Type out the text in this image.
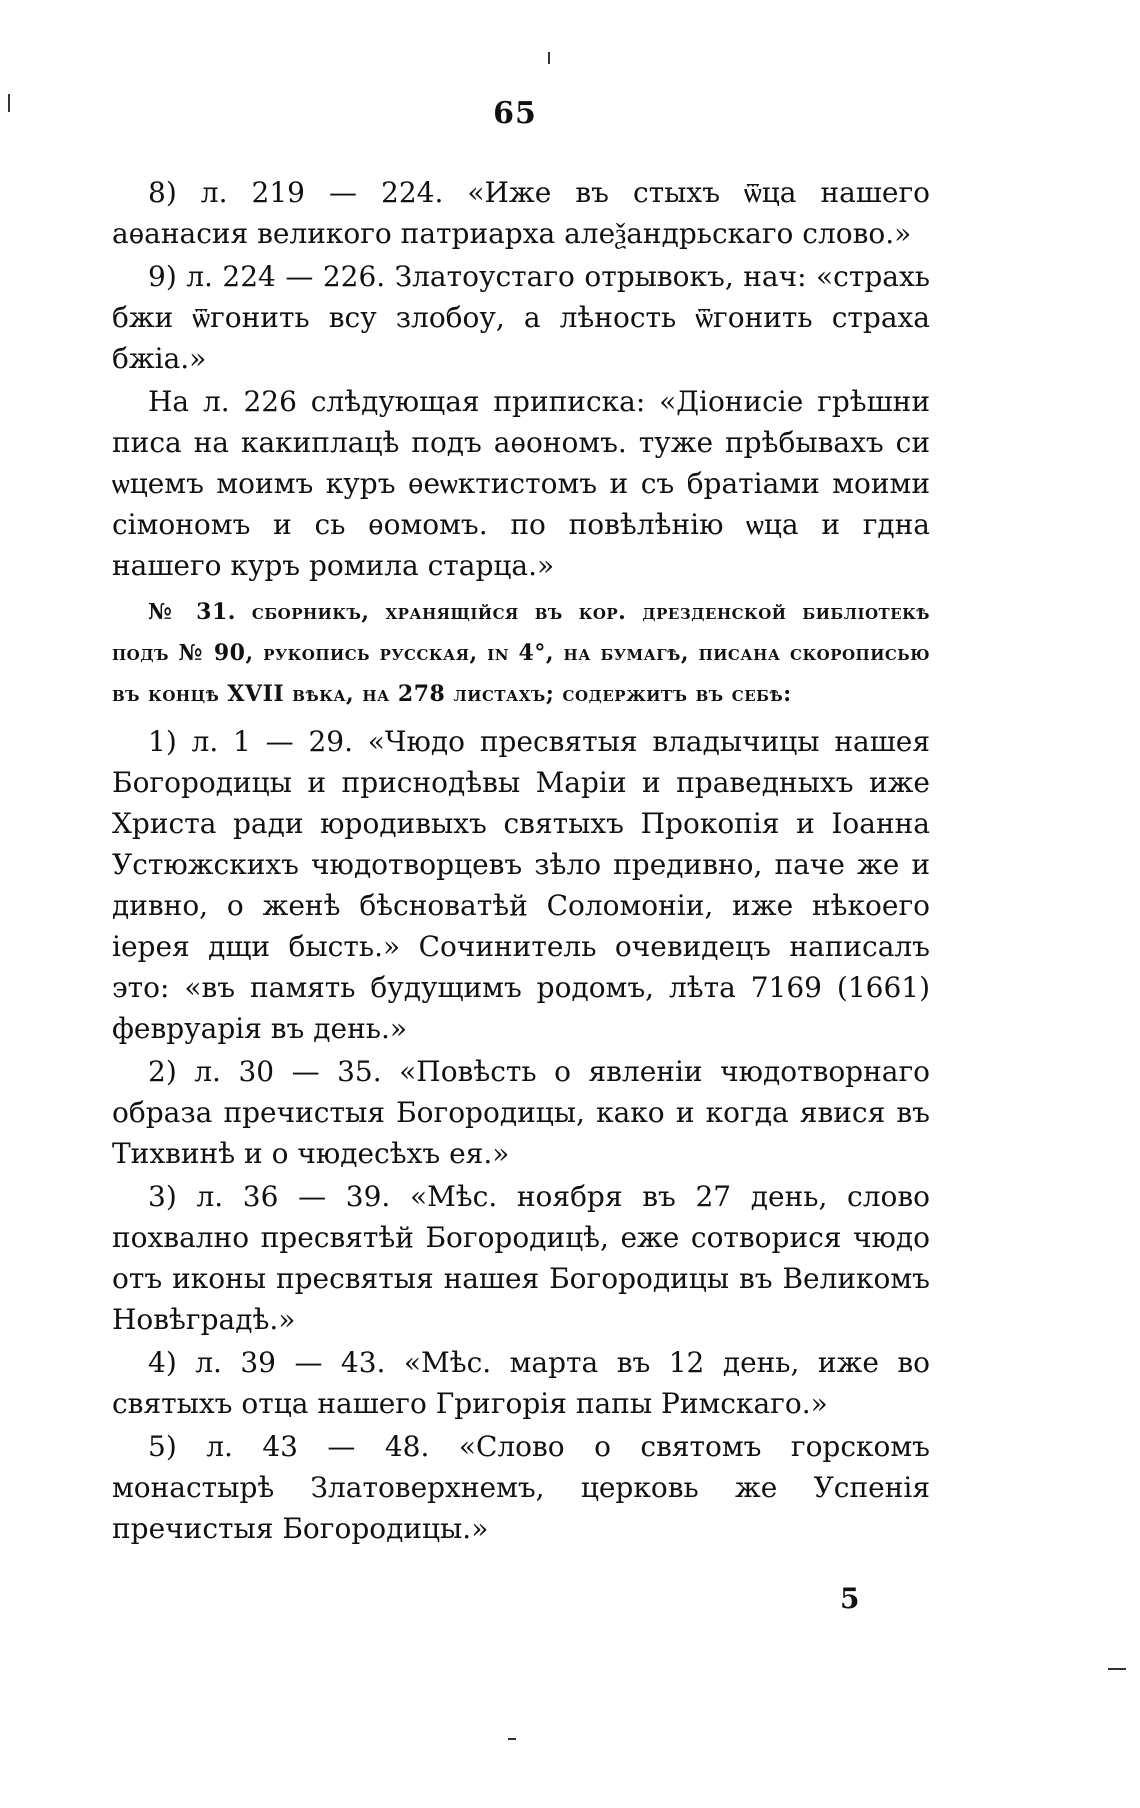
65

8) л. 219 — 224. «Иже въ стыхъ ѿца нашего аѳанасия великого патриарха алеѯандрьскаго слово.»

9) л. 224 — 226. Златоустаго отрывокъ, нач: «страхь бжи ѿгонить всу злобоу, а лѣность ѿгонить страха бжіа.»

На л. 226 слѣдующая приписка: «Діонисіе грѣшни писа на какиплацѣ подъ аѳономъ. тужe прѣбывахъ си ѡцемъ моимъ куръ ѳеѡктистомъ и съ братіами моими сімономъ и сь ѳомомъ. по повѣлѣнію ѡца и гдна нашего куръ ромила старца.»

№ 31. сборникъ, хранящійся въ кор. дрезденской библіотекѣ подъ № 90, рукопись русская, in 4°, на бумагѣ, писана скорописью въ концѣ XVII вѣка, на 278 листахъ; содержитъ въ себѣ:

1) л. 1 — 29. «Чюдо пресвятыя владычицы нашея Богородицы и приснодѣвы Маріи и праведныхъ иже Христа ради юродивыхъ святыхъ Прокопія и Іоанна Устюжскихъ чюдотворцевъ зѣло предивно, паче же и дивно, о женѣ бѣсноватѣй Соломоніи, иже нѣкоего іерея дщи бысть.» Сочинитель очевидецъ написалъ это: «въ память будущимъ родомъ, лѣта 7169 (1661) февруарія въ день.»

2) л. 30 — 35. «Повѣсть о явленіи чюдотворнаго образа пречистыя Богородицы, како и когда явися въ Тихвинѣ и о чюдесѣхъ ея.»

3) л. 36 — 39. «Мѣс. ноября въ 27 день, слово похвално пресвятѣй Богородицѣ, еже сотворися чюдо отъ иконы пресвятыя нашея Богородицы въ Великомъ Новѣградѣ.»

4) л. 39 — 43. «Мѣс. марта въ 12 день, иже во святыхъ отца нашего Григорія папы Римскаго.»

5) л. 43 — 48. «Слово о святомъ горскомъ монастырѣ Златоверхнемъ, церковь же Успенія пречистыя Богородицы.»

5
